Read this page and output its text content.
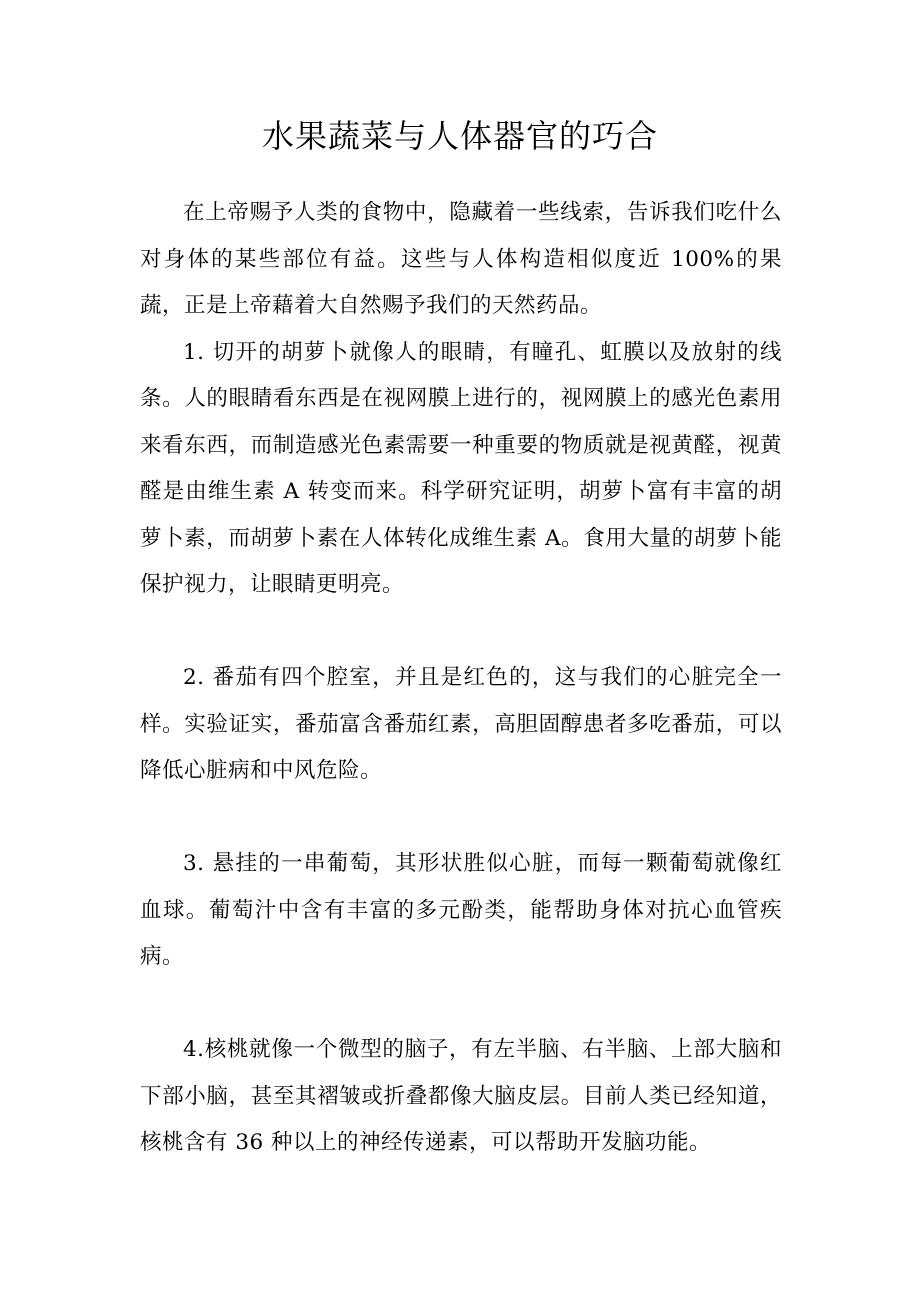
水果蔬菜与人体器官的巧合

在上帝赐予人类的食物中，隐藏着一些线索，告诉我们吃什么对身体的某些部位有益。这些与人体构造相似度近 100%的果蔬，正是上帝藉着大自然赐予我们的天然药品。

1. 切开的胡萝卜就像人的眼睛，有瞳孔、虹膜以及放射的线条。人的眼睛看东西是在视网膜上进行的，视网膜上的感光色素用来看东西，而制造感光色素需要一种重要的物质就是视黄醛，视黄醛是由维生素 A 转变而来。科学研究证明，胡萝卜富有丰富的胡萝卜素，而胡萝卜素在人体转化成维生素 A。食用大量的胡萝卜能保护视力，让眼睛更明亮。

2. 番茄有四个腔室，并且是红色的，这与我们的心脏完全一样。实验证实，番茄富含番茄红素，高胆固醇患者多吃番茄，可以降低心脏病和中风危险。

3. 悬挂的一串葡萄，其形状胜似心脏，而每一颗葡萄就像红血球。葡萄汁中含有丰富的多元酚类，能帮助身体对抗心血管疾病。

4.核桃就像一个微型的脑子，有左半脑、右半脑、上部大脑和下部小脑，甚至其褶皱或折叠都像大脑皮层。目前人类已经知道，核桃含有 36 种以上的神经传递素，可以帮助开发脑功能。
